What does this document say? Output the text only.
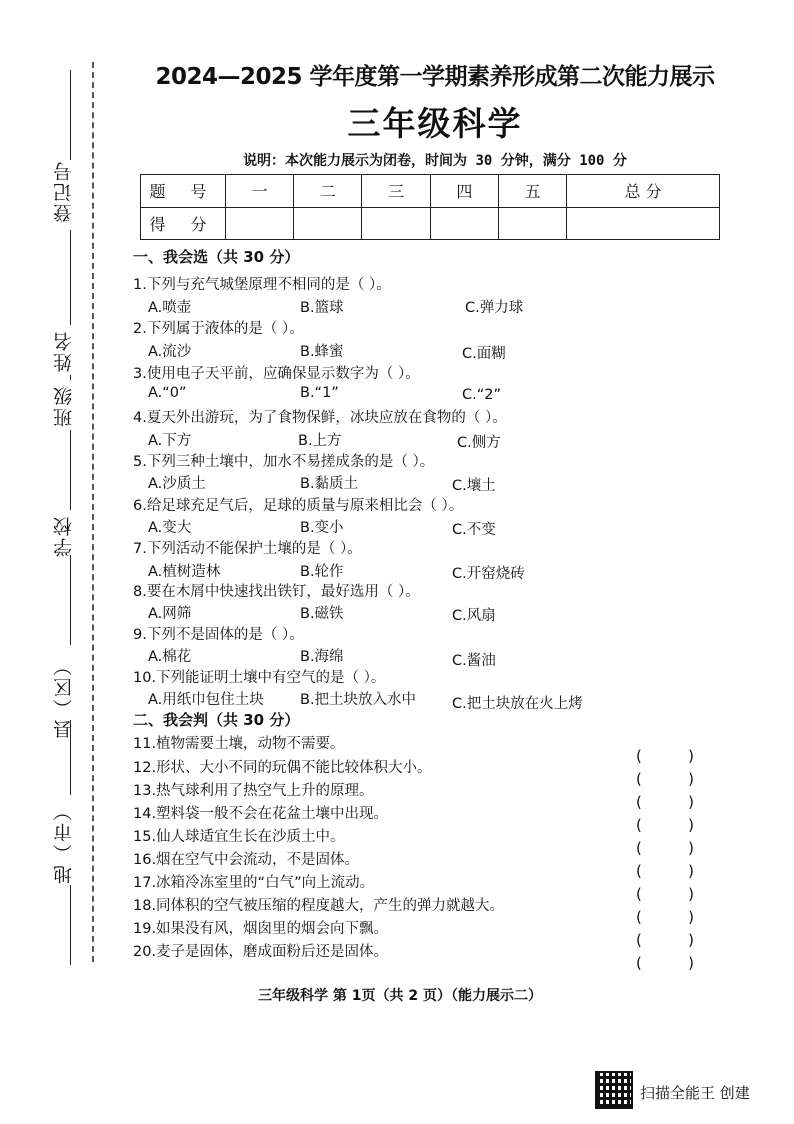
登记号
姓名
班级
学校
县（区）
地（市）
2024—2025 学年度第一学期素养形成第二次能力展示
三年级科学
说明：本次能力展示为闭卷，时间为 30 分钟，满分 100 分
题 号	一	二	三	四	五	总 分
得 分						
一、我会选（共 30 分）
1.下列与充气城堡原理不相同的是（ ）。
A.喷壶	B.篮球	C.弹力球
2.下列属于液体的是（ ）。
A.流沙	B.蜂蜜	C.面糊
3.使用电子天平前，应确保显示数字为（ ）。
A.“0”	B.“1”	C.“2”
4.夏天外出游玩，为了食物保鲜，冰块应放在食物的（ ）。
A.下方	B.上方	C.侧方
5.下列三种土壤中，加水不易搓成条的是（ ）。
A.沙质土	B.黏质土	C.壤土
6.给足球充足气后，足球的质量与原来相比会（ ）。
A.变大	B.变小	C.不变
7.下列活动不能保护土壤的是（ ）。
A.植树造林	B.轮作	C.开窑烧砖
8.要在木屑中快速找出铁钉，最好选用（ ）。
A.网筛	B.磁铁	C.风扇
9.下列不是固体的是（ ）。
A.棉花	B.海绵	C.酱油
10.下列能证明土壤中有空气的是（ ）。
A.用纸巾包住土块 B.把土块放入水中 C.把土块放在火上烤
二、我会判（共 30 分）
11.植物需要土壤，动物不需要。
12.形状、大小不同的玩偶不能比较体积大小。
13.热气球利用了热空气上升的原理。
14.塑料袋一般不会在花盆土壤中出现。
15.仙人球适宜生长在沙质土中。
16.烟在空气中会流动，不是固体。
17.冰箱冷冻室里的“白气”向上流动。
18.同体积的空气被压缩的程度越大，产生的弹力就越大。
19.如果没有风，烟囱里的烟会向下飘。
20.麦子是固体，磨成面粉后还是固体。
(	)
(	)
(	)
(	)
(	)
(	)
(	)
(	)
(	)
(	)
三年级科学 第 1页（共 2 页）（能力展示二）
扫描全能王 创建
